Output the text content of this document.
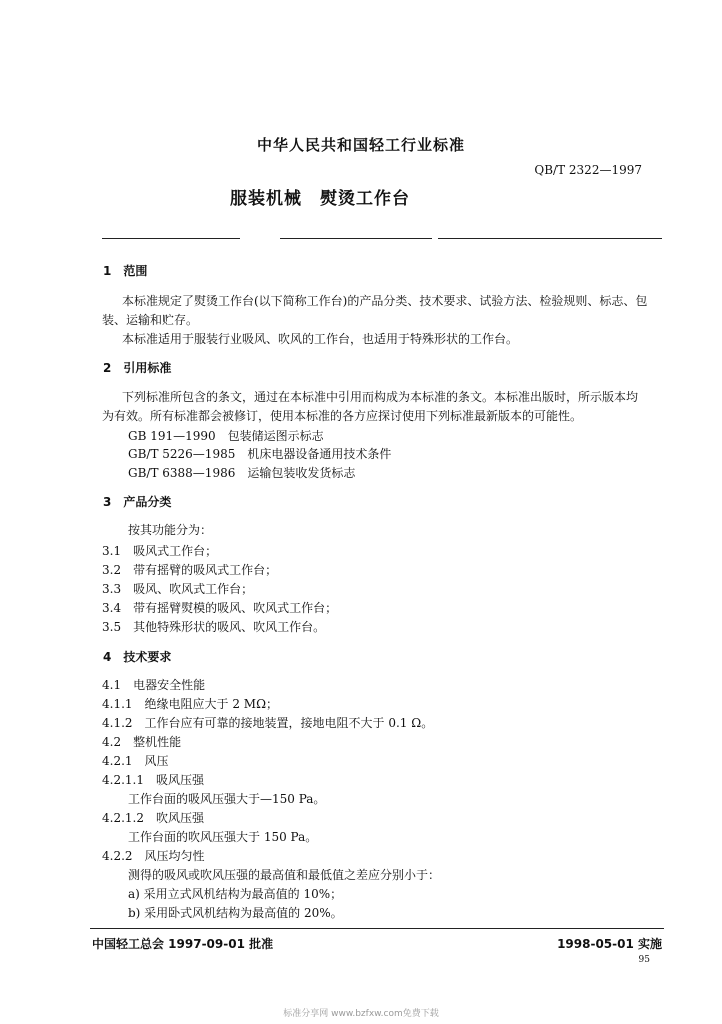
中华人民共和国轻工行业标准
QB/T 2322—1997
服装机械　熨烫工作台
1　范围
本标准规定了熨烫工作台(以下简称工作台)的产品分类、技术要求、试验方法、检验规则、标志、包
装、运输和贮存。
本标准适用于服装行业吸风、吹风的工作台，也适用于特殊形状的工作台。
2　引用标准
下列标准所包含的条文，通过在本标准中引用而构成为本标准的条文。本标准出版时，所示版本均
为有效。所有标准都会被修订，使用本标准的各方应探讨使用下列标准最新版本的可能性。
GB 191—1990　包装储运图示标志
GB/T 5226—1985　机床电器设备通用技术条件
GB/T 6388—1986　运输包装收发货标志
3　产品分类
按其功能分为：
3.1　吸风式工作台；
3.2　带有摇臂的吸风式工作台；
3.3　吸风、吹风式工作台；
3.4　带有摇臂熨模的吸风、吹风式工作台；
3.5　其他特殊形状的吸风、吹风工作台。
4　技术要求
4.1　电器安全性能
4.1.1　绝缘电阻应大于 2 MΩ；
4.1.2　工作台应有可靠的接地装置，接地电阻不大于 0.1 Ω。
4.2　整机性能
4.2.1　风压
4.2.1.1　吸风压强
工作台面的吸风压强大于—150 Pa。
4.2.1.2　吹风压强
工作台面的吹风压强大于 150 Pa。
4.2.2　风压均匀性
测得的吸风或吹风压强的最高值和最低值之差应分别小于：
a) 采用立式风机结构为最高值的 10%；
b) 采用卧式风机结构为最高值的 20%。
中国轻工总会 1997-09-01 批准	1998-05-01 实施
95
标准分享网 www.bzfxw.com免费下载
